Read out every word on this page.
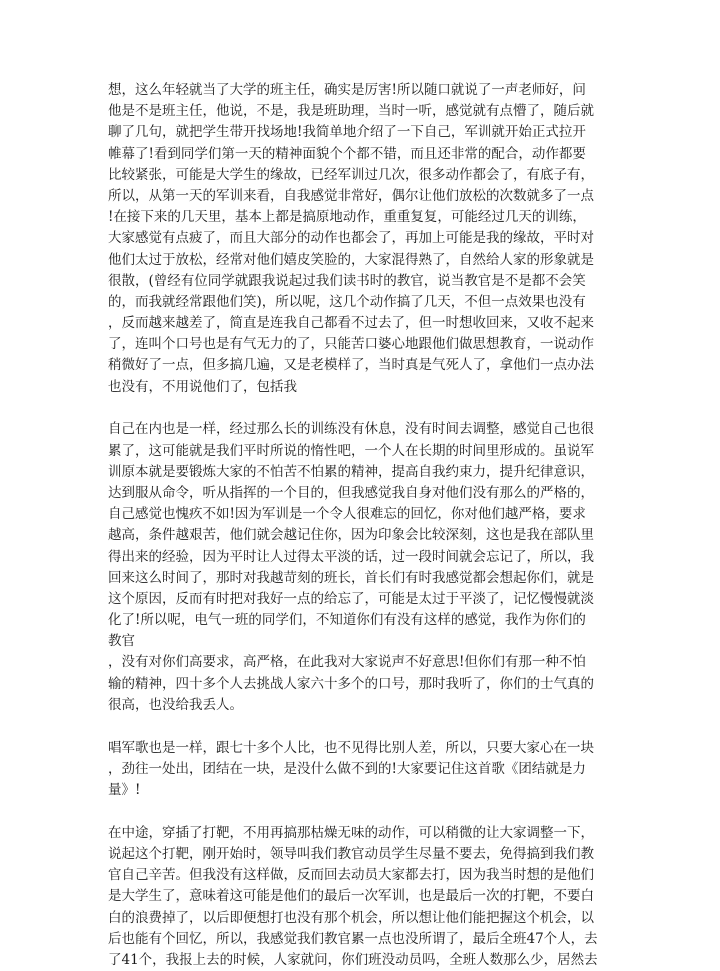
想，这么年轻就当了大学的班主任，确实是厉害!所以随口就说了一声老师好，问
他是不是班主任，他说，不是，我是班助理，当时一听，感觉就有点懵了，随后就
聊了几句，就把学生带开找场地!我简单地介绍了一下自己，军训就开始正式拉开
帷幕了!看到同学们第一天的精神面貌个个都不错，而且还非常的配合，动作都要
比较紧张，可能是大学生的缘故，已经军训过几次，很多动作都会了，有底子有，
所以，从第一天的军训来看，自我感觉非常好，偶尔让他们放松的次数就多了一点
!在接下来的几天里，基本上都是搞原地动作，重重复复，可能经过几天的训练，
大家感觉有点疲了，而且大部分的动作也都会了，再加上可能是我的缘故，平时对
他们太过于放松，经常对他们嬉皮笑脸的，大家混得熟了，自然给人家的形象就是
很散，(曾经有位同学就跟我说起过我们读书时的教官，说当教官是不是都不会笑
的，而我就经常跟他们笑)，所以呢，这几个动作搞了几天，不但一点效果也没有
，反而越来越差了，简直是连我自己都看不过去了，但一时想收回来，又收不起来
了，连叫个口号也是有气无力的了，只能苦口婆心地跟他们做思想教育，一说动作
稍微好了一点，但多搞几遍，又是老模样了，当时真是气死人了，拿他们一点办法
也没有，不用说他们了，包括我
自己在内也是一样，经过那么长的训练没有休息，没有时间去调整，感觉自己也很
累了，这可能就是我们平时所说的惰性吧，一个人在长期的时间里形成的。虽说军
训原本就是要锻炼大家的不怕苦不怕累的精神，提高自我约束力，提升纪律意识，
达到服从命令，听从指挥的一个目的，但我感觉我自身对他们没有那么的严格的，
自己感觉也愧疚不如!因为军训是一个令人很难忘的回忆，你对他们越严格，要求
越高，条件越艰苦，他们就会越记住你，因为印象会比较深刻，这也是我在部队里
得出来的经验，因为平时让人过得太平淡的话，过一段时间就会忘记了，所以，我
回来这么时间了，那时对我越苛刻的班长，首长们有时我感觉都会想起你们，就是
这个原因，反而有时把对我好一点的给忘了，可能是太过于平淡了，记忆慢慢就淡
化了!所以呢，电气一班的同学们，不知道你们有没有这样的感觉，我作为你们的
教官
，没有对你们高要求，高严格，在此我对大家说声不好意思!但你们有那一种不怕
输的精神，四十多个人去挑战人家六十多个的口号，那时我听了，你们的士气真的
很高，也没给我丢人。
唱军歌也是一样，跟七十多个人比，也不见得比别人差，所以，只要大家心在一块
，劲往一处出，团结在一块，是没什么做不到的!大家要记住这首歌《团结就是力
量》!
在中途，穿插了打靶，不用再搞那枯燥无味的动作，可以稍微的让大家调整一下，
说起这个打靶，刚开始时，领导叫我们教官动员学生尽量不要去，免得搞到我们教
官自己辛苦。但我没有这样做，反而回去动员大家都去打，因为我当时想的是他们
是大学生了，意味着这可能是他们的最后一次军训，也是最后一次的打靶，不要白
白的浪费掉了，以后即便想打也没有那个机会，所以想让他们能把握这个机会，以
后也能有个回忆，所以，我感觉我们教官累一点也没所谓了，最后全班47个人，去
了41个，我报上去的时候，人家就问，你们班没动员吗，全班人数那么少，居然去
